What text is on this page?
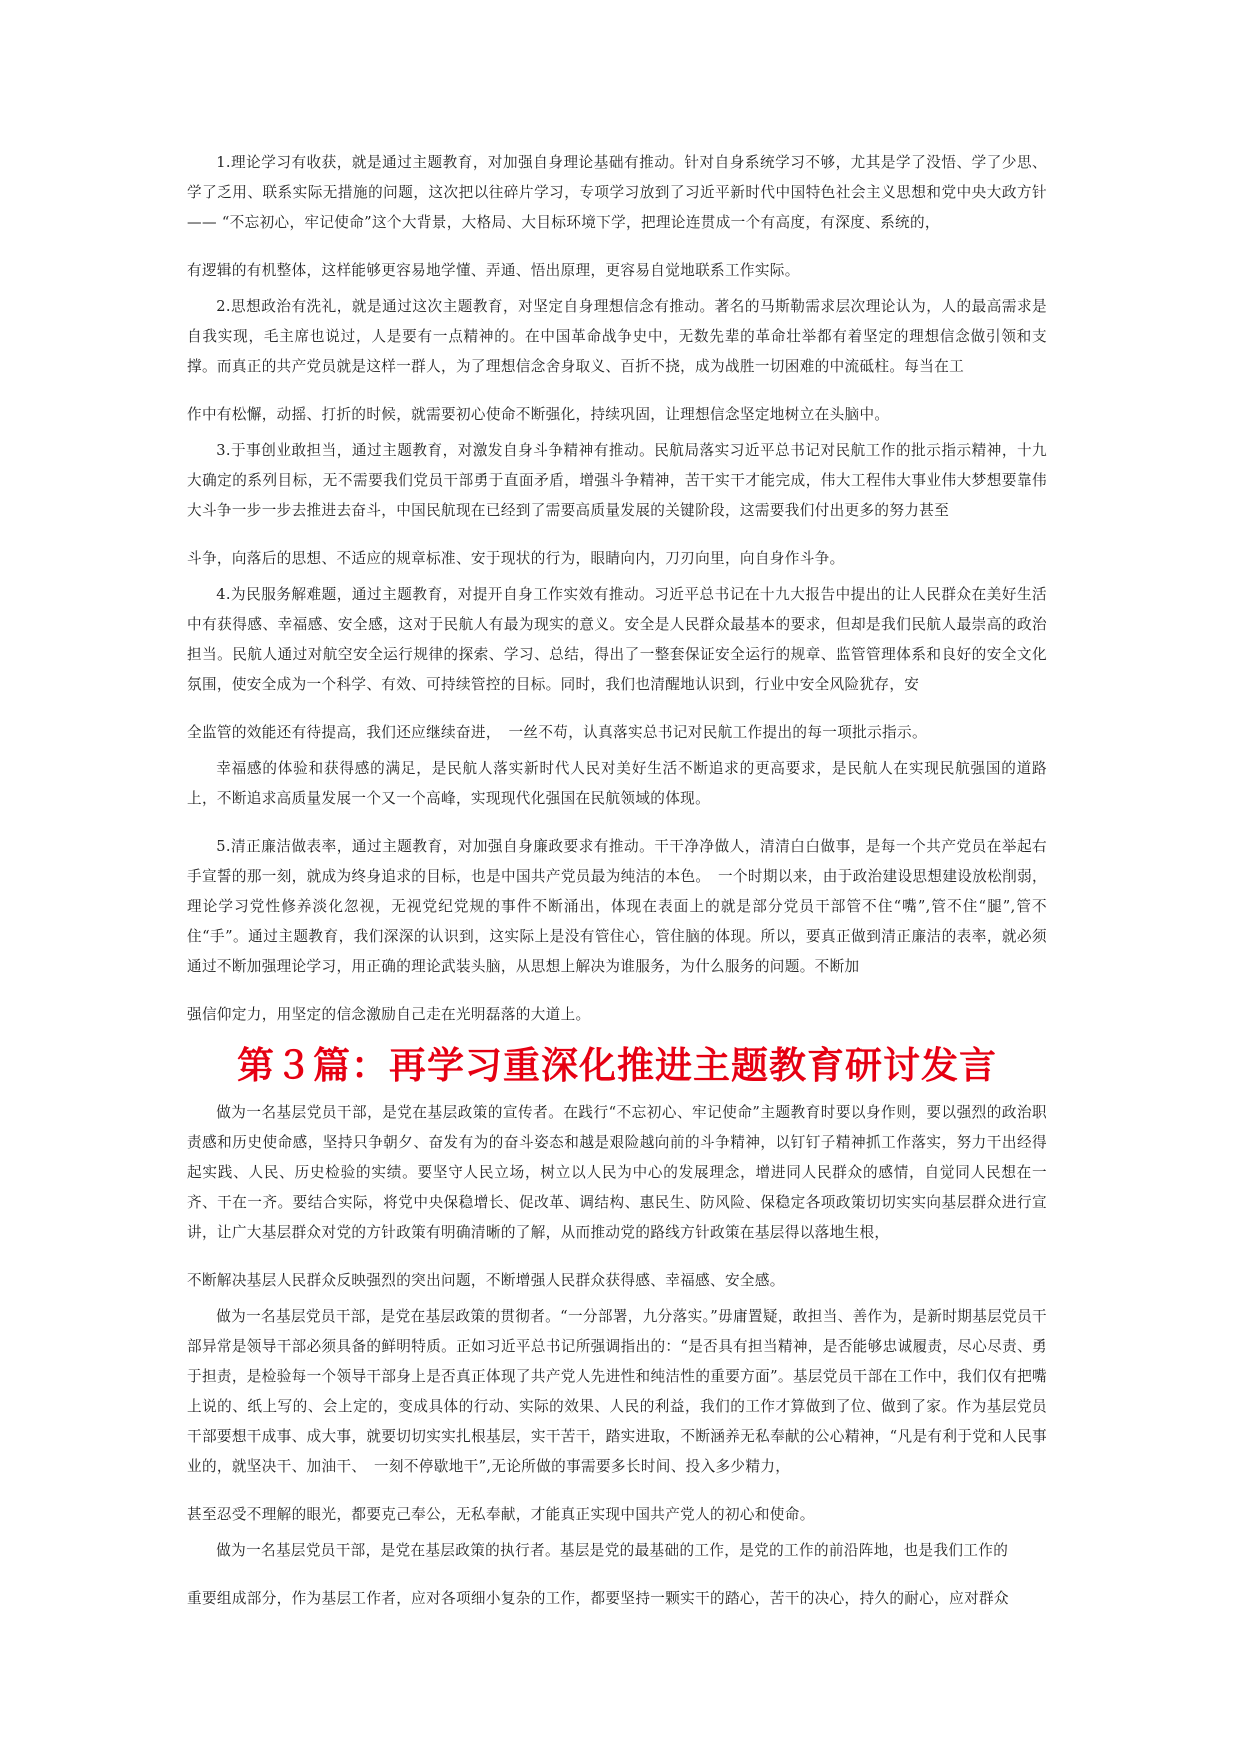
1.理论学习有收获，就是通过主题教育，对加强自身理论基础有推动。针对自身系统学习不够，尤其是学了没悟、学了少思、学了乏用、联系实际无措施的问题，这次把以往碎片学习，专项学习放到了习近平新时代中国特色社会主义思想和党中央大政方针—— “不忘初心，牢记使命”这个大背景，大格局、大目标环境下学，把理论连贯成一个有高度，有深度、系统的，

有逻辑的有机整体，这样能够更容易地学懂、弄通、悟出原理，更容易自觉地联系工作实际。

2.思想政治有洗礼，就是通过这次主题教育，对坚定自身理想信念有推动。著名的马斯勒需求层次理论认为，人的最高需求是自我实现，毛主席也说过，人是要有一点精神的。在中国革命战争史中，无数先辈的革命壮举都有着坚定的理想信念做引领和支撑。而真正的共产党员就是这样一群人，为了理想信念舍身取义、百折不挠，成为战胜一切困难的中流砥柱。每当在工

作中有松懈，动摇、打折的时候，就需要初心使命不断强化，持续巩固，让理想信念坚定地树立在头脑中。

3.于事创业敢担当，通过主题教育，对激发自身斗争精神有推动。民航局落实习近平总书记对民航工作的批示指示精神，十九大确定的系列目标，无不需要我们党员干部勇于直面矛盾，增强斗争精神，苦干实干才能完成，伟大工程伟大事业伟大梦想要靠伟大斗争一步一步去推进去奋斗，中国民航现在已经到了需要高质量发展的关键阶段，这需要我们付出更多的努力甚至

斗争，向落后的思想、不适应的规章标准、安于现状的行为，眼睛向内，刀刃向里，向自身作斗争。

4.为民服务解难题，通过主题教育，对提开自身工作实效有推动。习近平总书记在十九大报告中提出的让人民群众在美好生活中有获得感、幸福感、安全感，这对于民航人有最为现实的意义。安全是人民群众最基本的要求，但却是我们民航人最崇高的政治担当。民航人通过对航空安全运行规律的探索、学习、总结，得出了一整套保证安全运行的规章、监管管理体系和良好的安全文化氛围，使安全成为一个科学、有效、可持续管控的目标。同时，我们也清醒地认识到，行业中安全风险犹存，安

全监管的效能还有待提高，我们还应继续奋进，　一丝不苟，认真落实总书记对民航工作提出的每一项批示指示。

幸福感的体验和获得感的满足，是民航人落实新时代人民对美好生活不断追求的更高要求，是民航人在实现民航强国的道路上，不断追求高质量发展一个又一个高峰，实现现代化强国在民航领域的体现。

5.清正廉洁做表率，通过主题教育，对加强自身廉政要求有推动。干干净净做人，清清白白做事，是每一个共产党员在举起右手宣誓的那一刻，就成为终身追求的目标，也是中国共产党员最为纯洁的本色。　一个时期以来，由于政治建设思想建设放松削弱，理论学习党性修养淡化忽视，无视党纪党规的事件不断涌出，体现在表面上的就是部分党员干部管不住“嘴”,管不住“腿”,管不住“手”。通过主题教育，我们深深的认识到，这实际上是没有管住心，管住脑的体现。所以，要真正做到清正廉洁的表率，就必须通过不断加强理论学习，用正确的理论武装头脑，从思想上解决为谁服务，为什么服务的问题。不断加

强信仰定力，用坚定的信念激励自己走在光明磊落的大道上。

第３篇：再学习重深化推进主题教育研讨发言

做为一名基层党员干部，是党在基层政策的宣传者。在践行“不忘初心、牢记使命”主题教育时要以身作则，要以强烈的政治职责感和历史使命感，坚持只争朝夕、奋发有为的奋斗姿态和越是艰险越向前的斗争精神，以钉钉子精神抓工作落实，努力干出经得起实践、人民、历史检验的实绩。要坚守人民立场，树立以人民为中心的发展理念，增进同人民群众的感情，自觉同人民想在一齐、干在一齐。要结合实际，将党中央保稳增长、促改革、调结构、惠民生、防风险、保稳定各项政策切切实实向基层群众进行宣讲，让广大基层群众对党的方针政策有明确清晰的了解，从而推动党的路线方针政策在基层得以落地生根，

不断解决基层人民群众反映强烈的突出问题，不断增强人民群众获得感、幸福感、安全感。

做为一名基层党员干部，是党在基层政策的贯彻者。“一分部署，九分落实。”毋庸置疑，敢担当、善作为，是新时期基层党员干部异常是领导干部必须具备的鲜明特质。正如习近平总书记所强调指出的：“是否具有担当精神，是否能够忠诚履责，尽心尽责、勇于担责，是检验每一个领导干部身上是否真正体现了共产党人先进性和纯洁性的重要方面”。基层党员干部在工作中，我们仅有把嘴上说的、纸上写的、会上定的，变成具体的行动、实际的效果、人民的利益，我们的工作才算做到了位、做到了家。作为基层党员干部要想干成事、成大事，就要切切实实扎根基层，实干苦干，踏实进取，不断涵养无私奉献的公心精神，“凡是有利于党和人民事业的，就坚决干、加油干、　一刻不停歇地干”,无论所做的事需要多长时间、投入多少精力，

甚至忍受不理解的眼光，都要克己奉公，无私奉献，才能真正实现中国共产党人的初心和使命。

做为一名基层党员干部，是党在基层政策的执行者。基层是党的最基础的工作，是党的工作的前沿阵地，也是我们工作的

重要组成部分，作为基层工作者，应对各项细小复杂的工作，都要坚持一颗实干的踏心，苦干的决心，持久的耐心，应对群众
